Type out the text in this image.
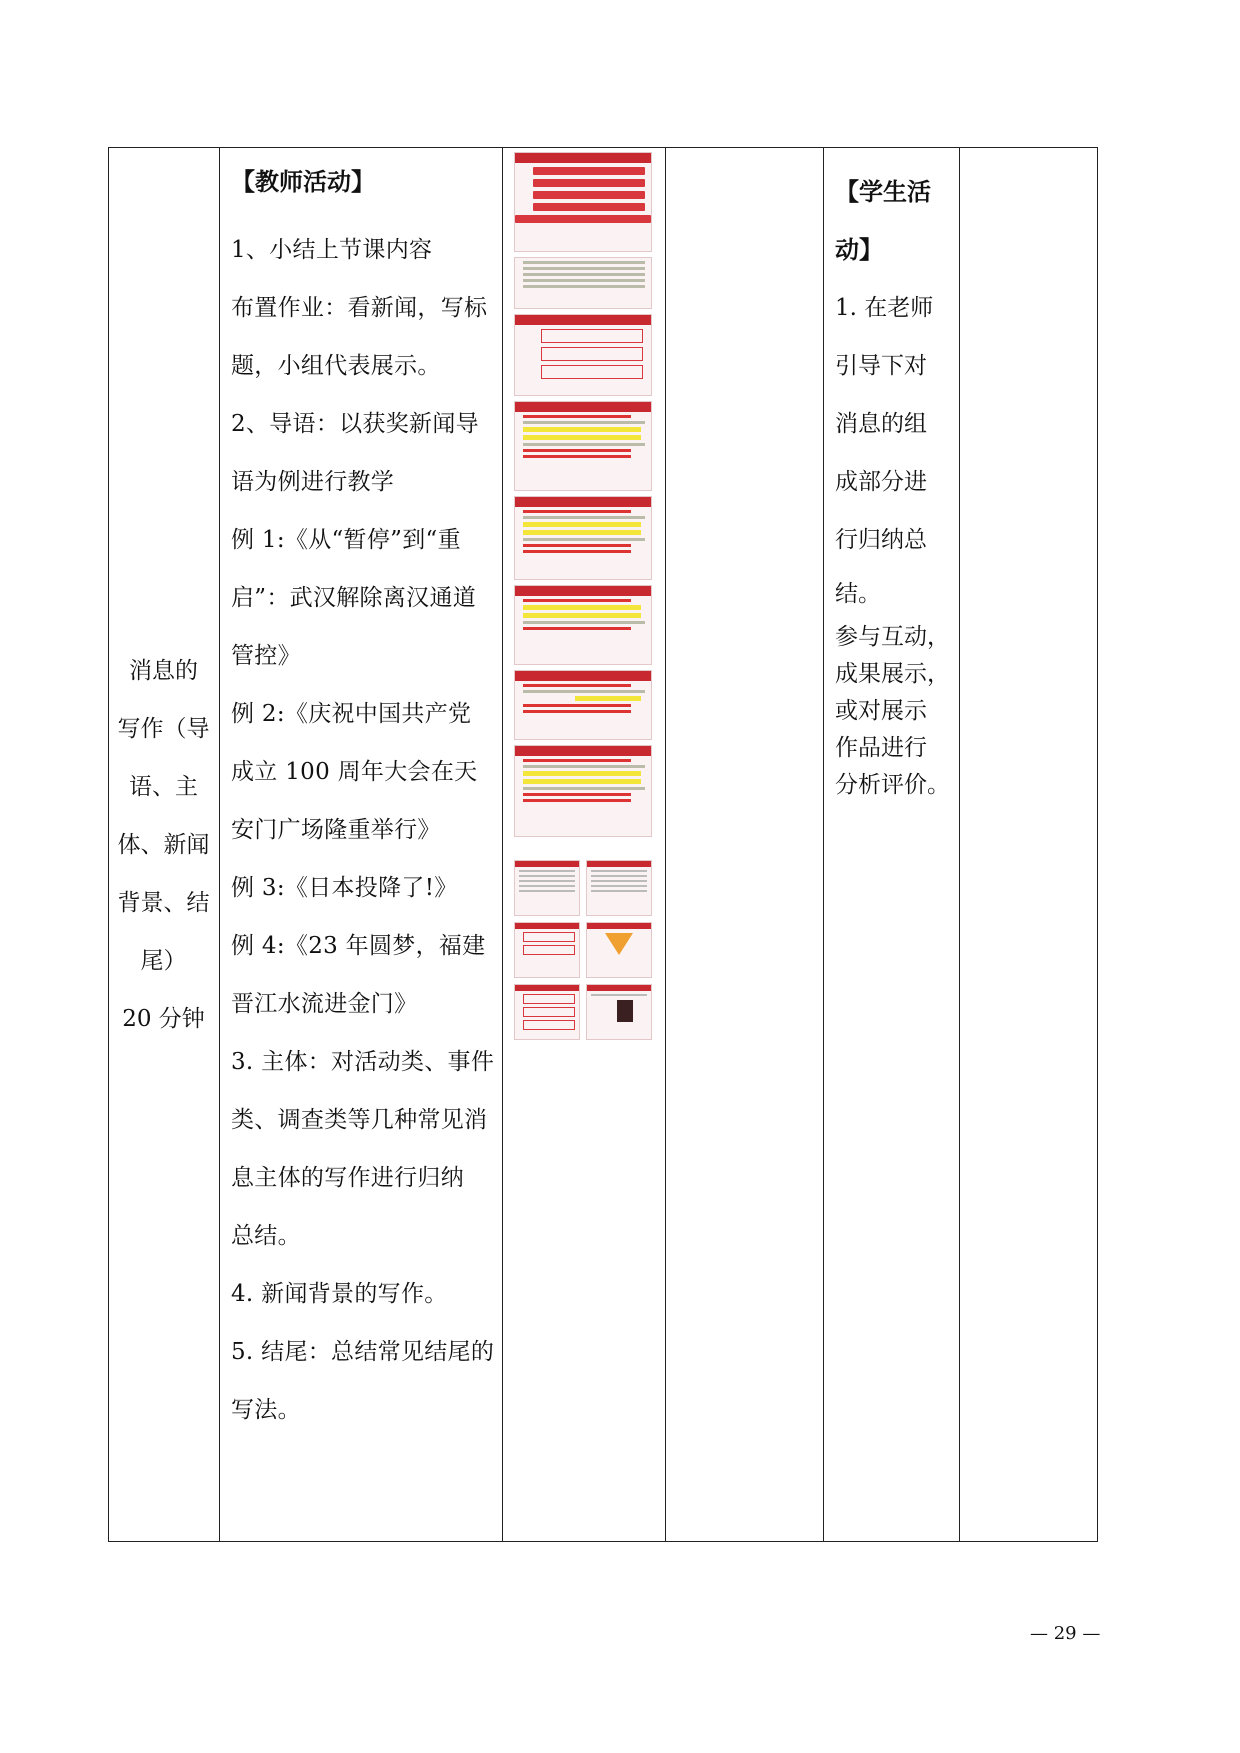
消息的
写作（导
语、主
体、新闻
背景、结
尾）
20 分钟
【教师活动】
1、小结上节课内容
布置作业：看新闻，写标
题，小组代表展示。
2、导语：以获奖新闻导
语为例进行教学
例 1:《从“暂停”到“重
启”：武汉解除离汉通道
管控》
例 2:《庆祝中国共产党
成立 100 周年大会在天
安门广场隆重举行》
例 3:《日本投降了!》
例 4:《23 年圆梦，福建
晋江水流进金门》
3. 主体：对活动类、事件
类、调查类等几种常见消
息主体的写作进行归纳
总结。
4. 新闻背景的写作。
5. 结尾：总结常见结尾的
写法。
【学生活
动】
1. 在老师
引导下对
消息的组
成部分进
行归纳总
结。
参与互动，
成果展示，
或对展示
作品进行
分析评价。
— 29 —
